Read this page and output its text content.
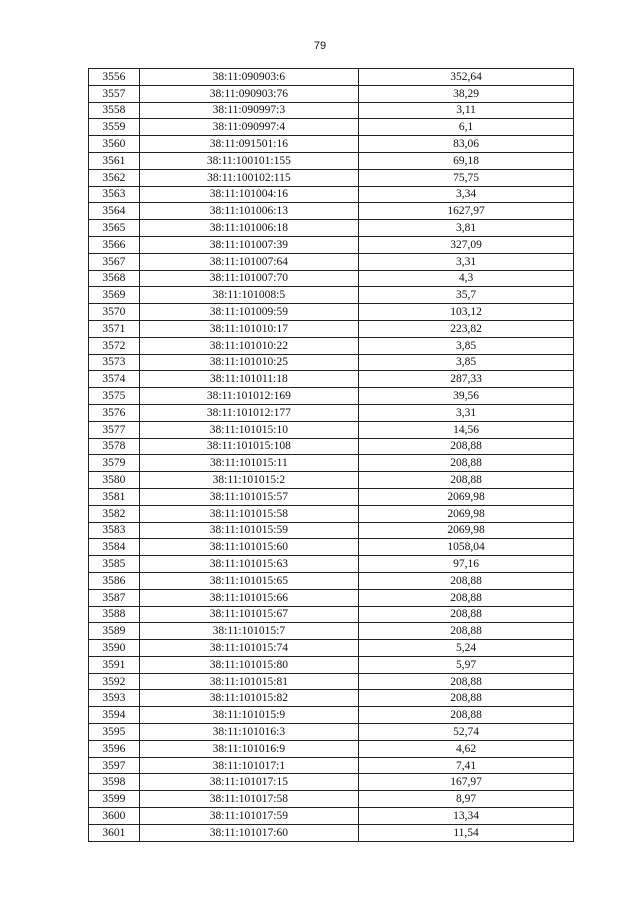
79
3556	38:11:090903:6	352,64
3557	38:11:090903:76	38,29
3558	38:11:090997:3	3,11
3559	38:11:090997:4	6,1
3560	38:11:091501:16	83,06
3561	38:11:100101:155	69,18
3562	38:11:100102:115	75,75
3563	38:11:101004:16	3,34
3564	38:11:101006:13	1627,97
3565	38:11:101006:18	3,81
3566	38:11:101007:39	327,09
3567	38:11:101007:64	3,31
3568	38:11:101007:70	4,3
3569	38:11:101008:5	35,7
3570	38:11:101009:59	103,12
3571	38:11:101010:17	223,82
3572	38:11:101010:22	3,85
3573	38:11:101010:25	3,85
3574	38:11:101011:18	287,33
3575	38:11:101012:169	39,56
3576	38:11:101012:177	3,31
3577	38:11:101015:10	14,56
3578	38:11:101015:108	208,88
3579	38:11:101015:11	208,88
3580	38:11:101015:2	208,88
3581	38:11:101015:57	2069,98
3582	38:11:101015:58	2069,98
3583	38:11:101015:59	2069,98
3584	38:11:101015:60	1058,04
3585	38:11:101015:63	97,16
3586	38:11:101015:65	208,88
3587	38:11:101015:66	208,88
3588	38:11:101015:67	208,88
3589	38:11:101015:7	208,88
3590	38:11:101015:74	5,24
3591	38:11:101015:80	5,97
3592	38:11:101015:81	208,88
3593	38:11:101015:82	208,88
3594	38:11:101015:9	208,88
3595	38:11:101016:3	52,74
3596	38:11:101016:9	4,62
3597	38:11:101017:1	7,41
3598	38:11:101017:15	167,97
3599	38:11:101017:58	8,97
3600	38:11:101017:59	13,34
3601	38:11:101017:60	11,54
